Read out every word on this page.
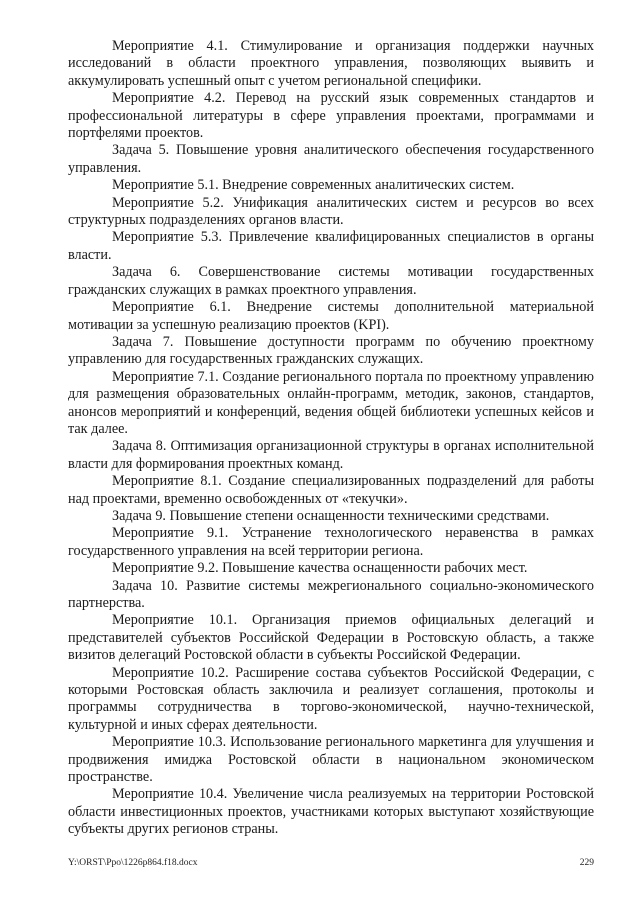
Мероприятие 4.1. Стимулирование и организация поддержки научных исследований в области проектного управления, позволяющих выявить и аккумулировать успешный опыт с учетом региональной специфики.

Мероприятие 4.2. Перевод на русский язык современных стандартов и профессиональной литературы в сфере управления проектами, программами и портфелями проектов.

Задача 5. Повышение уровня аналитического обеспечения государственного управления.

Мероприятие 5.1. Внедрение современных аналитических систем.

Мероприятие 5.2. Унификация аналитических систем и ресурсов во всех структурных подразделениях органов власти.

Мероприятие 5.3. Привлечение квалифицированных специалистов в органы власти.

Задача 6. Совершенствование системы мотивации государственных гражданских служащих в рамках проектного управления.

Мероприятие 6.1. Внедрение системы дополнительной материальной мотивации за успешную реализацию проектов (KPI).

Задача 7. Повышение доступности программ по обучению проектному управлению для государственных гражданских служащих.

Мероприятие 7.1. Создание регионального портала по проектному управлению для размещения образовательных онлайн-программ, методик, законов, стандартов, анонсов мероприятий и конференций, ведения общей библиотеки успешных кейсов и так далее.

Задача 8. Оптимизация организационной структуры в органах исполнительной власти для формирования проектных команд.

Мероприятие 8.1. Создание специализированных подразделений для работы над проектами, временно освобожденных от «текучки».

Задача 9. Повышение степени оснащенности техническими средствами.

Мероприятие 9.1. Устранение технологического неравенства в рамках государственного управления на всей территории региона.

Мероприятие 9.2. Повышение качества оснащенности рабочих мест.

Задача 10. Развитие системы межрегионального социально-экономического партнерства.

Мероприятие 10.1. Организация приемов официальных делегаций и представителей субъектов Российской Федерации в Ростовскую область, а также визитов делегаций Ростовской области в субъекты Российской Федерации.

Мероприятие 10.2. Расширение состава субъектов Российской Федерации, с которыми Ростовская область заключила и реализует соглашения, протоколы и программы сотрудничества в торгово-экономической, научно-технической, культурной и иных сферах деятельности.

Мероприятие 10.3. Использование регионального маркетинга для улучшения и продвижения имиджа Ростовской области в национальном экономическом пространстве.

Мероприятие 10.4. Увеличение числа реализуемых на территории Ростовской области инвестиционных проектов, участниками которых выступают хозяйствующие субъекты других регионов страны.

Y:\ORST\Ppo\1226p864.f18.docx	229
